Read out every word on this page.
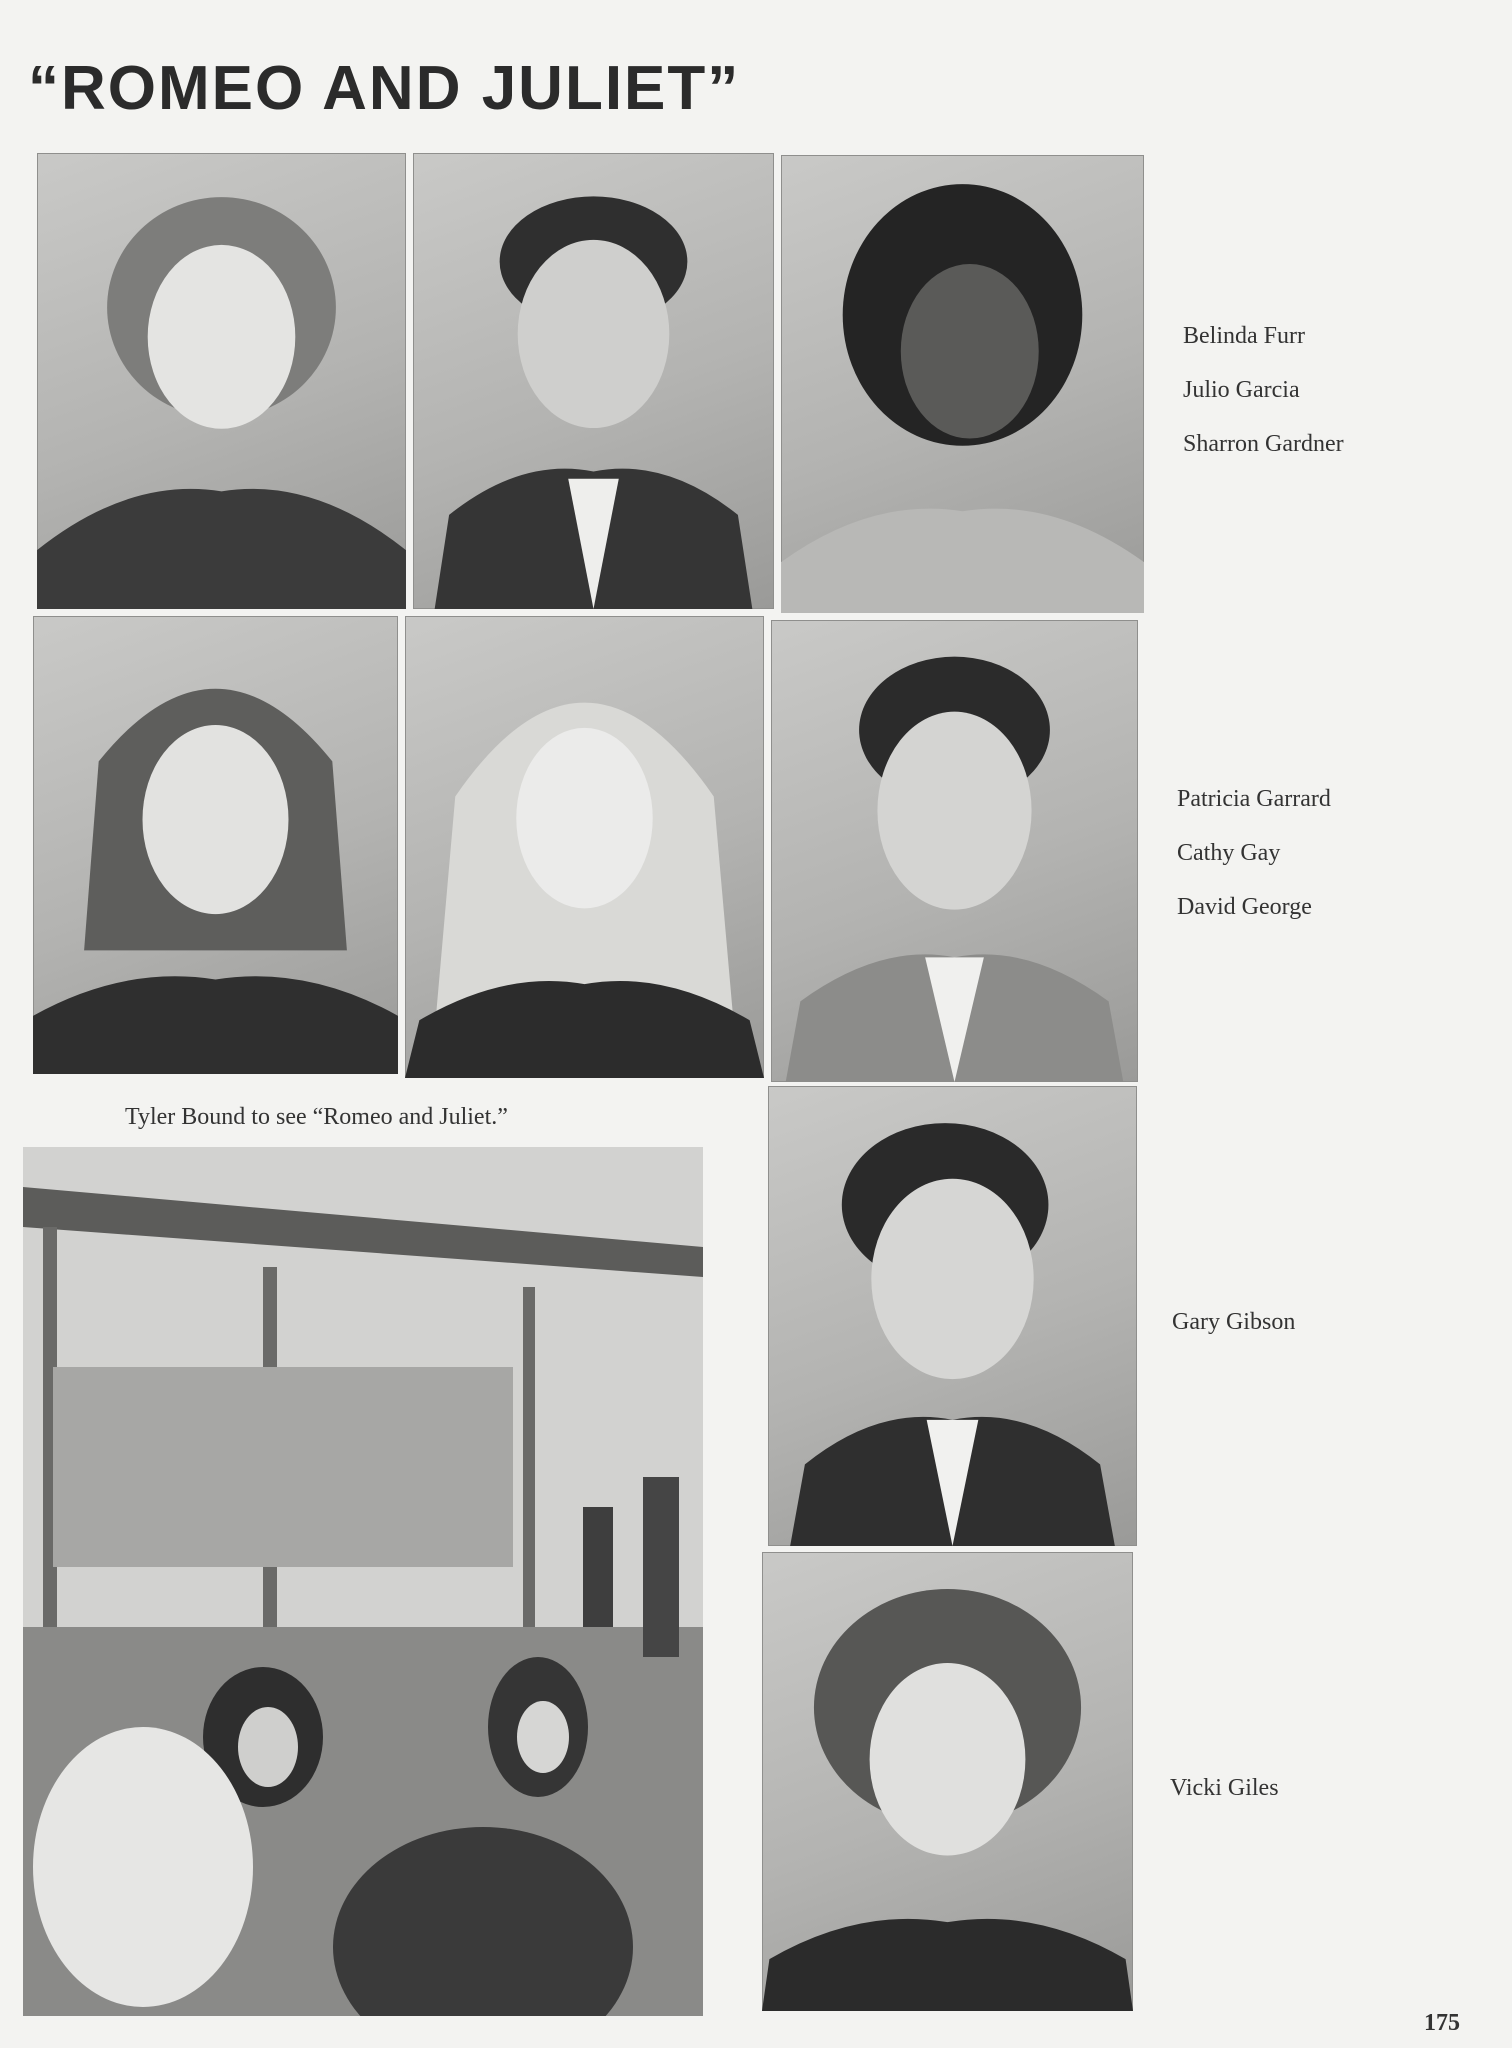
“ROMEO AND JULIET”
Belinda Furr
Julio Garcia
Sharron Gardner
Patricia Garrard
Cathy Gay
David George

Tyler Bound to see “Romeo and Juliet.”

Gary Gibson
Vicki Giles

175
